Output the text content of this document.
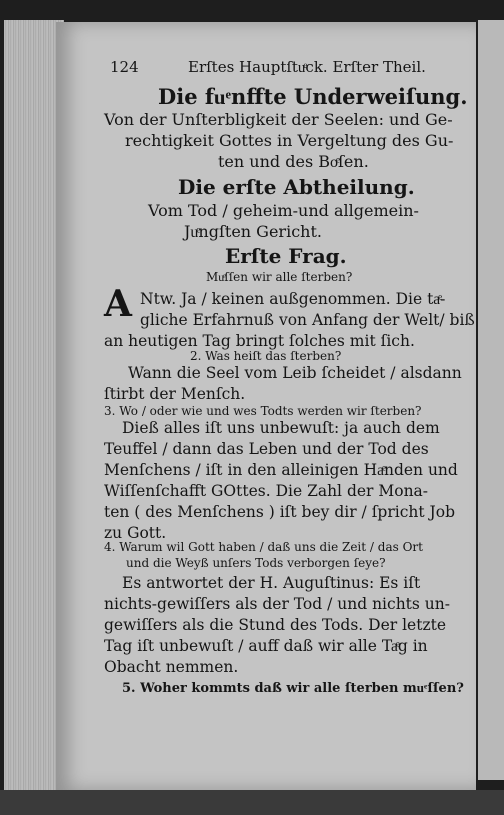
124	Erſtes Hauptſtuͤck. Erſter Theil.
Die fuͤnffte Underweiſung.
Von der Unſterbligkeit der Seelen: und Ge-
rechtigkeit Gottes in Vergeltung des Gu-
ten und des Boͤſen.
Die erſte Abtheilung.
Vom Tod / geheim-und allgemein-
Juͤngſten Gericht.
Erſte Frag.
Muͤſſen wir alle ſterben?
A Ntw. Ja / keinen außgenommen. Die taͤ-
gliche Erfahrnuß von Anfang der Welt/ biß
an heutigen Tag bringt ſolches mit ſich.
2. Was heiſt das ſterben?
Wann die Seel vom Leib ſcheidet / alsdann
ſtirbt der Menſch.
3. Wo / oder wie und wes Todts werden wir ſterben?
Dieß alles iſt uns unbewuſt: ja auch dem
Teuffel / dann das Leben und der Tod des
Menſchens / iſt in den alleinigen Haͤnden und
Wiſſenſchafft GOttes. Die Zahl der Mona-
ten ( des Menſchens ) iſt bey dir / ſpricht Job
zu Gott.
4. Warum wil Gott haben / daß uns die Zeit / das Ort
und die Weyß unſers Tods verborgen ſeye?
Es antwortet der H. Auguſtinus: Es iſt
nichts-gewiſſers als der Tod / und nichts un-
gewiſſers als die Stund des Tods. Der letzte
Tag iſt unbewuſt / auff daß wir alle Taͤg in
Obacht nemmen.
5. Woher kommts daß wir alle ſterben muͤſſen?
